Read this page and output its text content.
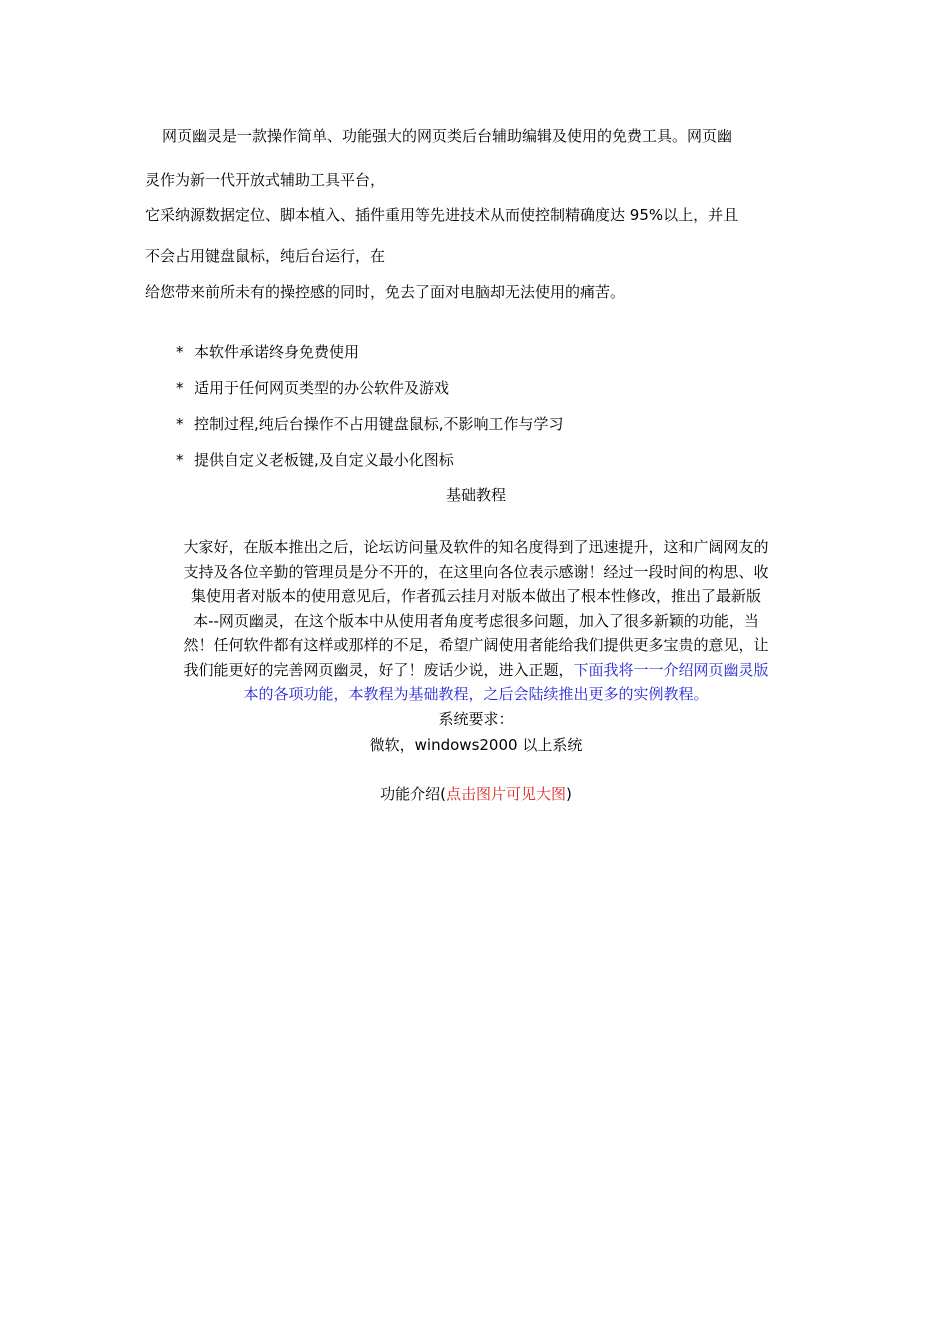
网页幽灵是一款操作简单、功能强大的网页类后台辅助编辑及使用的免费工具。网页幽
灵作为新一代开放式辅助工具平台，
它采纳源数据定位、脚本植入、插件重用等先进技术从而使控制精确度达 95%以上，并且
不会占用键盘鼠标，纯后台运行，在
给您带来前所未有的操控感的同时，免去了面对电脑却无法使用的痛苦。
* 本软件承诺终身免费使用
* 适用于任何网页类型的办公软件及游戏
* 控制过程,纯后台操作不占用键盘鼠标,不影响工作与学习
* 提供自定义老板键,及自定义最小化图标
基础教程
大家好，在版本推出之后，论坛访问量及软件的知名度得到了迅速提升，这和广阔网友的
支持及各位辛勤的管理员是分不开的，在这里向各位表示感谢！经过一段时间的构思、收
集使用者对版本的使用意见后，作者孤云挂月对版本做出了根本性修改，推出了最新版
本--网页幽灵，在这个版本中从使用者角度考虑很多问题，加入了很多新颖的功能，当
然！任何软件都有这样或那样的不足，希望广阔使用者能给我们提供更多宝贵的意见，让
我们能更好的完善网页幽灵，好了！废话少说，进入正题，下面我将一一介绍网页幽灵版
本的各项功能，本教程为基础教程，之后会陆续推出更多的实例教程。
系统要求：
微软，windows2000 以上系统
功能介绍(点击图片可见大图)
